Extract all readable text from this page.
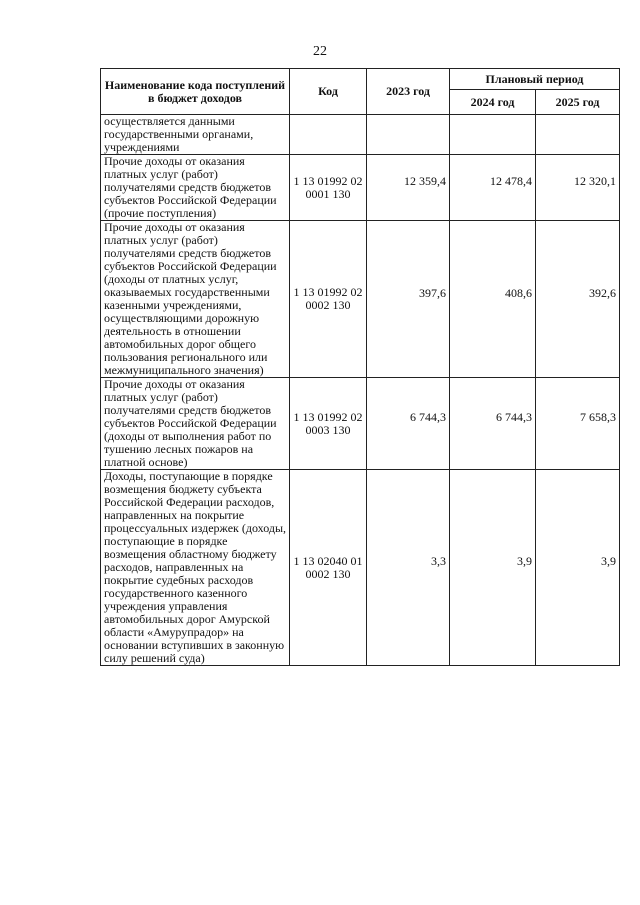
22
Наименование кода поступлений в бюджет доходов	Код	2023 год	Плановый период	
			2024 год	2025 год
осуществляется данными государственными органами, учреждениями				
Прочие доходы от оказания платных услуг (работ) получателями средств бюджетов субъектов Российской Федерации (прочие поступления)	1 13 01992 02 0001 130	12 359,4	12 478,4	12 320,1
Прочие доходы от оказания платных услуг (работ) получателями средств бюджетов субъектов Российской Федерации (доходы от платных услуг, оказываемых государственными казенными учреждениями, осуществляющими дорожную деятельность в отношении автомобильных дорог общего пользования регионального или межмуниципального значения)	1 13 01992 02 0002 130	397,6	408,6	392,6
Прочие доходы от оказания платных услуг (работ) получателями средств бюджетов субъектов Российской Федерации (доходы от выполнения работ по тушению лесных пожаров на платной основе)	1 13 01992 02 0003 130	6 744,3	6 744,3	7 658,3
Доходы, поступающие в порядке возмещения бюджету субъекта Российской Федерации расходов, направленных на покрытие процессуальных издержек (доходы, поступающие в порядке возмещения областному бюджету расходов, направленных на покрытие судебных расходов государственного казенного учреждения управления автомобильных дорог Амурской области «Амурупрадор» на основании вступивших в законную силу решений суда)	1 13 02040 01 0002 130	3,3	3,9	3,9
